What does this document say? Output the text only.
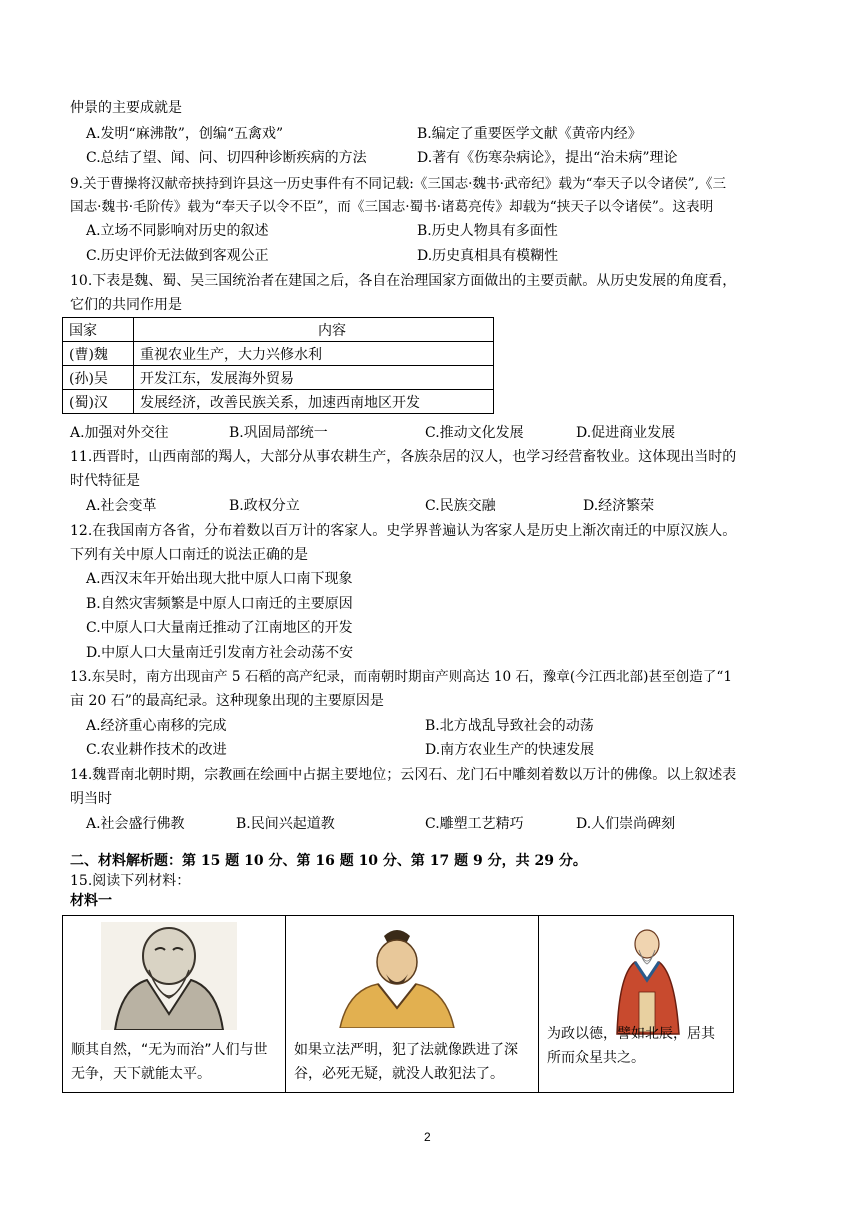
仲景的主要成就是
A.发明“麻沸散”，创编“五禽戏”	B.编定了重要医学文献《黄帝内经》
C.总结了望、闻、问、切四种诊断疾病的方法	D.著有《伤寒杂病论》，提出“治未病”理论
9.关于曹操将汉献帝挟持到许县这一历史事件有不同记载:《三国志·魏书·武帝纪》载为“奉天子以令诸侯”,《三
国志·魏书·毛阶传》载为“奉天子以令不臣”，而《三国志·蜀书·诸葛亮传》却载为“挟天子以令诸侯”。这表明
A.立场不同影响对历史的叙述	B.历史人物具有多面性
C.历史评价无法做到客观公正	D.历史真相具有模糊性
10.下表是魏、蜀、吴三国统治者在建国之后，各自在治理国家方面做出的主要贡献。从历史发展的角度看，
它们的共同作用是
国家	内容
(曹)魏	重视农业生产，大力兴修水利
(孙)吴	开发江东，发展海外贸易
(蜀)汉	发展经济，改善民族关系，加速西南地区开发
A.加强对外交往	B.巩固局部统一	C.推动文化发展	D.促进商业发展
11.西晋时，山西南部的羯人，大部分从事农耕生产，各族杂居的汉人，也学习经营畜牧业。这体现出当时的
时代特征是
A.社会变革	B.政权分立	C.民族交融	D.经济繁荣
12.在我国南方各省，分布着数以百万计的客家人。史学界普遍认为客家人是历史上渐次南迁的中原汉族人。
下列有关中原人口南迁的说法正确的是
A.西汉末年开始出现大批中原人口南下现象
B.自然灾害频繁是中原人口南迁的主要原因
C.中原人口大量南迁推动了江南地区的开发
D.中原人口大量南迁引发南方社会动荡不安
13.东吴时，南方出现亩产 5 石稻的高产纪录，而南朝时期亩产则高达 10 石，豫章(今江西北部)甚至创造了“1
亩 20 石”的最高纪录。这种现象出现的主要原因是
A.经济重心南移的完成	B.北方战乱导致社会的动荡
C.农业耕作技术的改进	D.南方农业生产的快速发展
14.魏晋南北朝时期，宗教画在绘画中占据主要地位；云冈石、龙门石中雕刻着数以万计的佛像。以上叙述表
明当时
A.社会盛行佛教	B.民间兴起道教	C.雕塑工艺精巧	D.人们崇尚碑刻
二、材料解析题：第 15 题 10 分、第 16 题 10 分、第 17 题 9 分，共 29 分。
15.阅读下列材料：
材料一
顺其自然，“无为而治”人们与世无争，天下就能太平。

如果立法严明，犯了法就像跌进了深谷，必死无疑，就没人敢犯法了。

为政以德，譬如北辰，居其所而众星共之。
2
